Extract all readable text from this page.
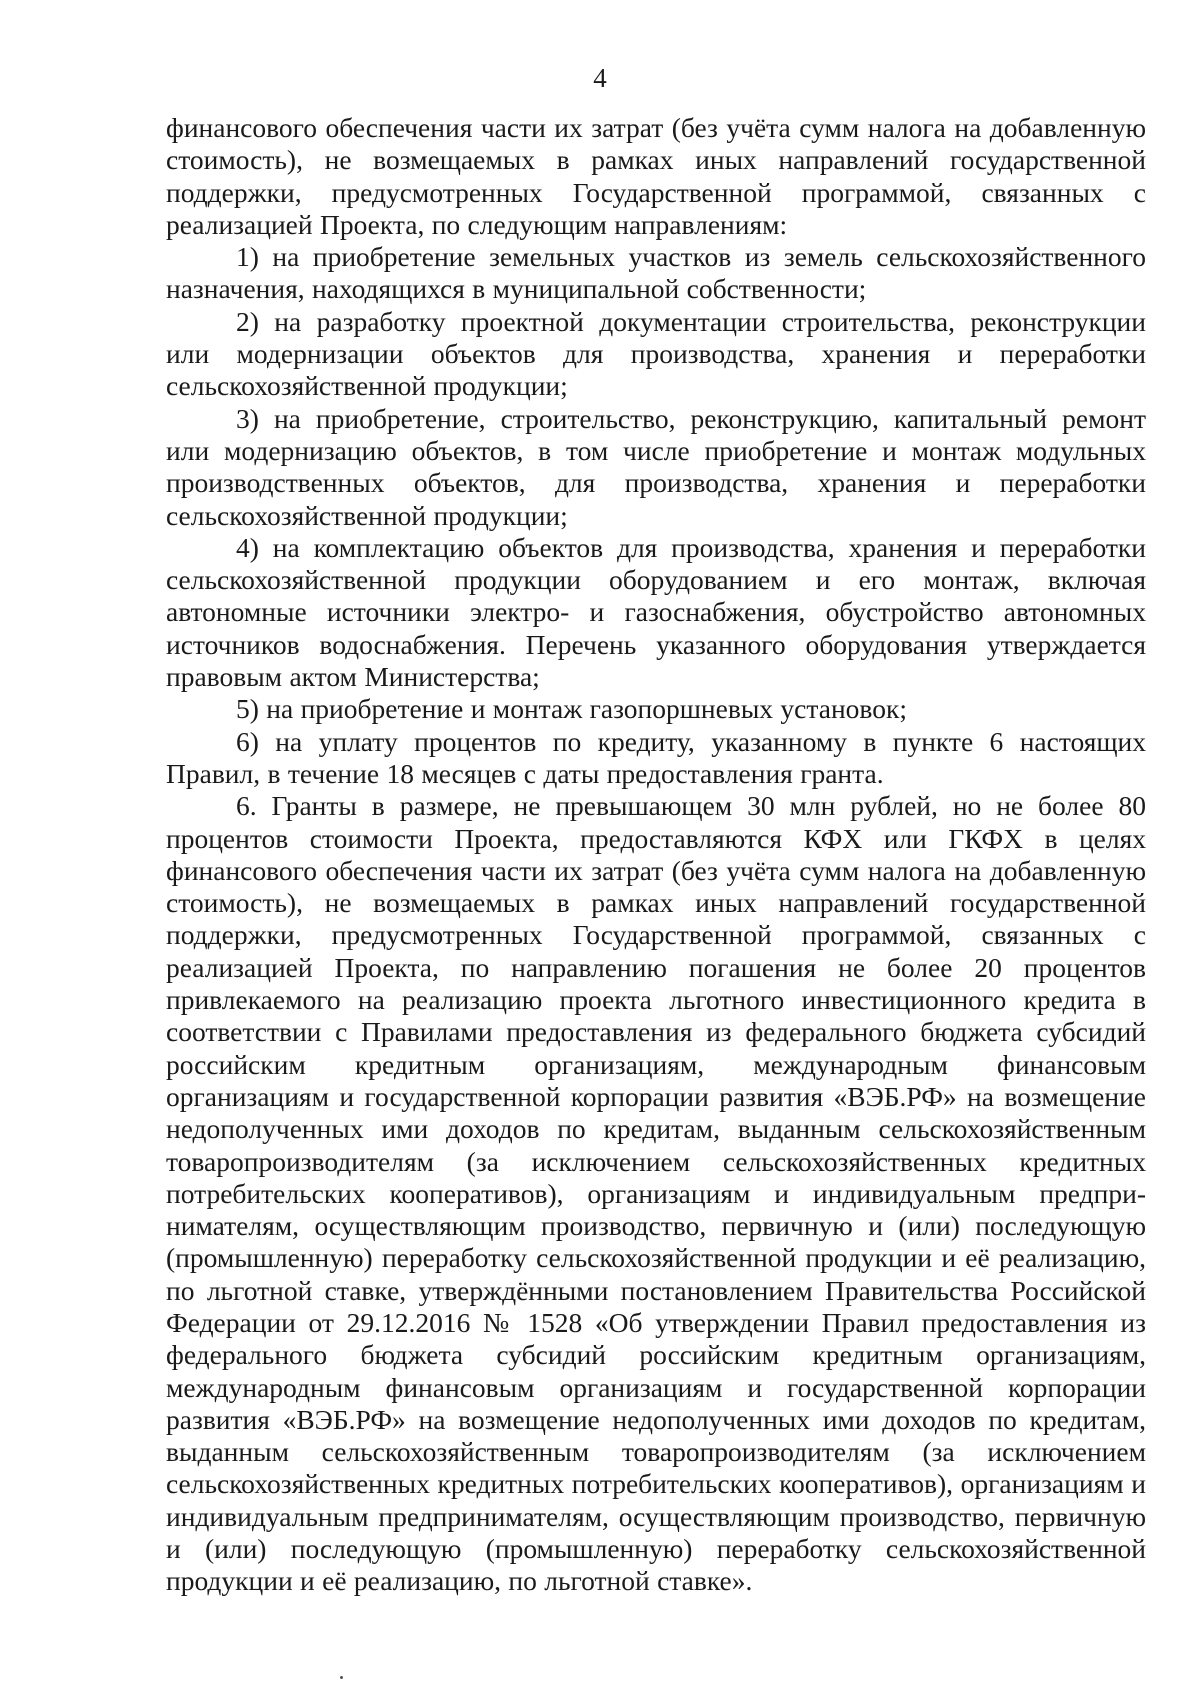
4

финансового обеспечения части их затрат (без учёта сумм налога на добавленную стоимость), не возмещаемых в рамках иных направлений государственной поддержки, предусмотренных Государственной программой, связанных с реализацией Проекта, по следующим направлениям:

1) на приобретение земельных участков из земель сельскохозяйственного назначения, находящихся в муниципальной собственности;

2) на разработку проектной документации строительства, реконструкции или модернизации объектов для производства, хранения и переработки сельскохозяйственной продукции;

3) на приобретение, строительство, реконструкцию, капитальный ремонт или модернизацию объектов, в том числе приобретение и монтаж модульных производственных объектов, для производства, хранения и переработки сельскохозяйственной продукции;

4) на комплектацию объектов для производства, хранения и переработки сельскохозяйственной продукции оборудованием и его монтаж, включая автономные источники электро- и газоснабжения, обустройство автономных источников водоснабжения. Перечень указанного оборудования утверждается правовым актом Министерства;

5) на приобретение и монтаж газопоршневых установок;

6) на уплату процентов по кредиту, указанному в пункте 6 настоящих Правил, в течение 18 месяцев с даты предоставления гранта.

6. Гранты в размере, не превышающем 30 млн рублей, но не более 80 процентов стоимости Проекта, предоставляются КФХ или ГКФХ в целях финансового обеспечения части их затрат (без учёта сумм налога на добавленную стоимость), не возмещаемых в рамках иных направлений государственной поддержки, предусмотренных Государственной программой, связанных с реализацией Проекта, по направлению погашения не более 20 процентов привлекаемого на реализацию проекта льготного инвестиционного кредита в соответствии с Правилами предоставления из федерального бюджета субсидий российским кредитным организациям, международным финансовым организациям и государственной корпорации развития «ВЭБ.РФ» на возмещение недополученных ими доходов по кредитам, выданным сельскохозяйственным товаропроизводителям (за исключением сельскохозяйственных кредитных потребительских кооперативов), организациям и индивидуальным предпринимателям, осуществляющим производство, первичную и (или) последующую (промышленную) переработку сельскохозяйственной продукции и её реализацию, по льготной ставке, утверждёнными постановлением Правительства Российской Федерации от 29.12.2016 № 1528 «Об утверждении Правил предоставления из федерального бюджета субсидий российским кредитным организациям, международным финансовым организациям и государственной корпорации развития «ВЭБ.РФ» на возмещение недополученных ими доходов по кредитам, выданным сельскохозяйственным товаропроизводителям (за исключением сельскохозяйственных кредитных потребительских кооперативов), организациям и индивидуальным предпринимателям, осуществляющим производство, первичную и (или) последующую (промышленную) переработку сельскохозяйственной продукции и её реализацию, по льготной ставке».
